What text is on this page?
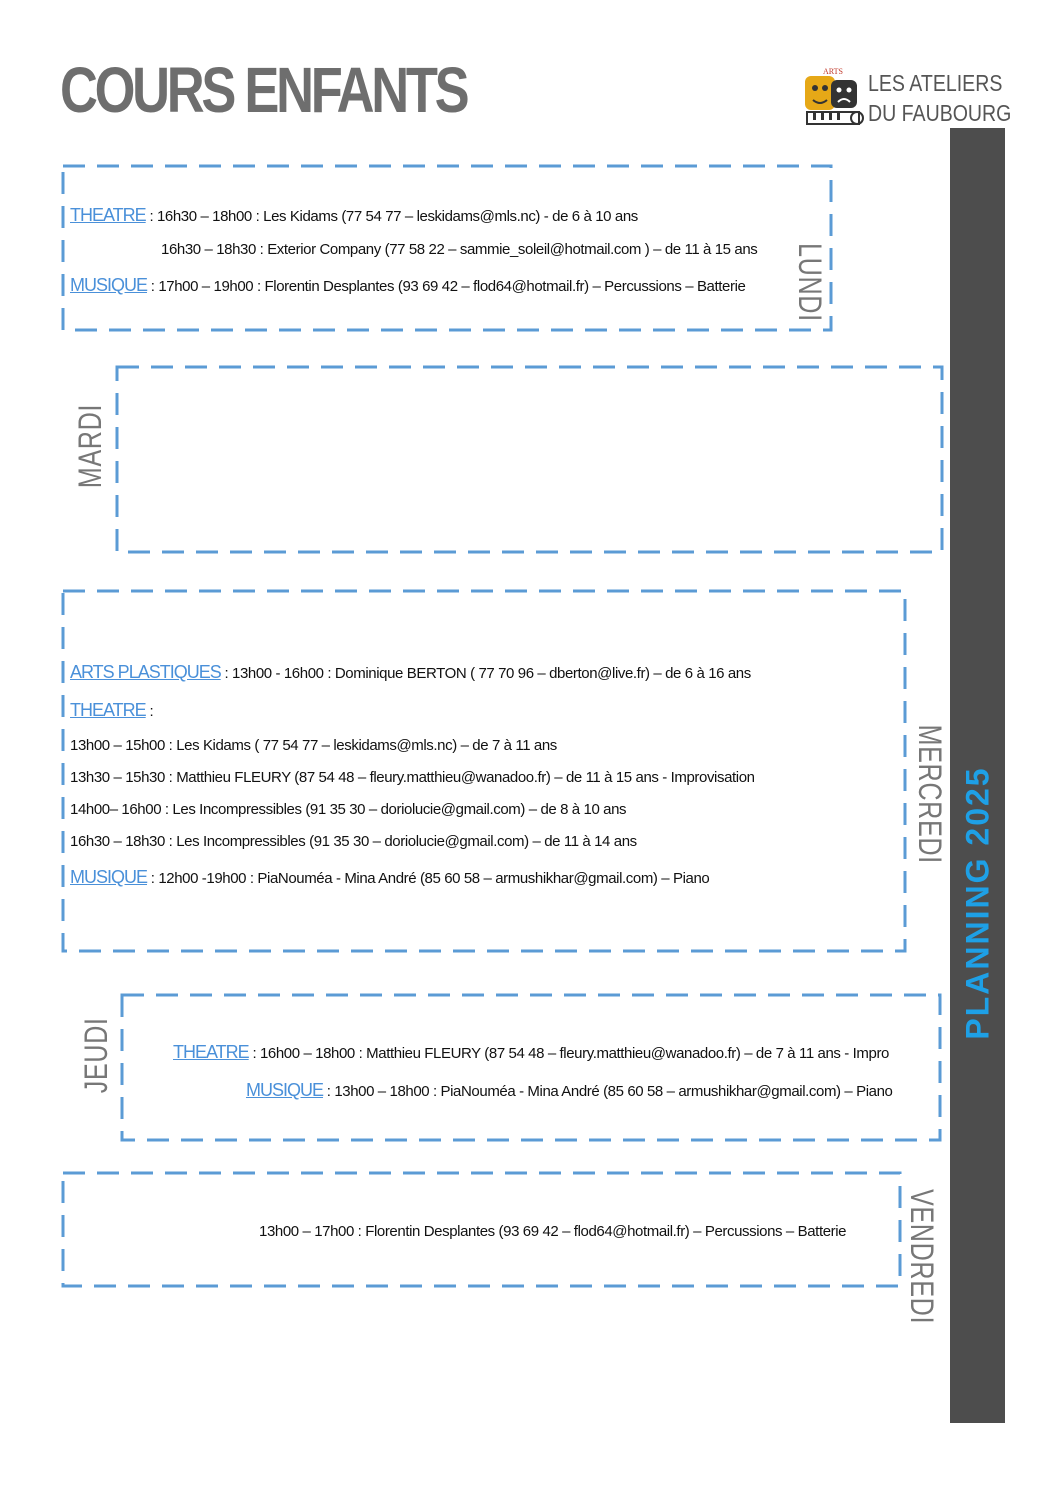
COURS ENFANTS	ARTS LES ATELIERS
DU FAUBOURG
PLANNING 2025
LUNDI
THEATRE : 16h30 – 18h00 : Les Kidams (77 54 77 – leskidams@mls.nc) - de 6 à 10 ans
16h30 – 18h30 : Exterior Company (77 58 22 – sammie_soleil@hotmail.com ) – de 11 à 15 ans
MUSIQUE : 17h00 – 19h00 : Florentin Desplantes (93 69 42 – flod64@hotmail.fr) – Percussions – Batterie
MARDI
MERCREDI
ARTS PLASTIQUES : 13h00 - 16h00 : Dominique BERTON ( 77 70 96 – dberton@live.fr) – de 6 à 16 ans
THEATRE :
13h00 – 15h00 : Les Kidams ( 77 54 77 – leskidams@mls.nc) – de 7 à 11 ans
13h30 – 15h30 : Matthieu FLEURY (87 54 48 – fleury.matthieu@wanadoo.fr) – de 11 à 15 ans - Improvisation
14h00– 16h00 : Les Incompressibles (91 35 30 – doriolucie@gmail.com) – de 8 à 10 ans
16h30 – 18h30 : Les Incompressibles (91 35 30 – doriolucie@gmail.com) – de 11 à 14 ans
MUSIQUE : 12h00 -19h00 : PiaNouméa - Mina André (85 60 58 – armushikhar@gmail.com) – Piano
JEUDI	THEATRE : 16h00 – 18h00 : Matthieu FLEURY (87 54 48 – fleury.matthieu@wanadoo.fr) – de 7 à 11 ans - Impro
MUSIQUE : 13h00 – 18h00 : PiaNouméa - Mina André (85 60 58 – armushikhar@gmail.com) – Piano
VENDREDI
13h00 – 17h00 : Florentin Desplantes (93 69 42 – flod64@hotmail.fr) – Percussions – Batterie
